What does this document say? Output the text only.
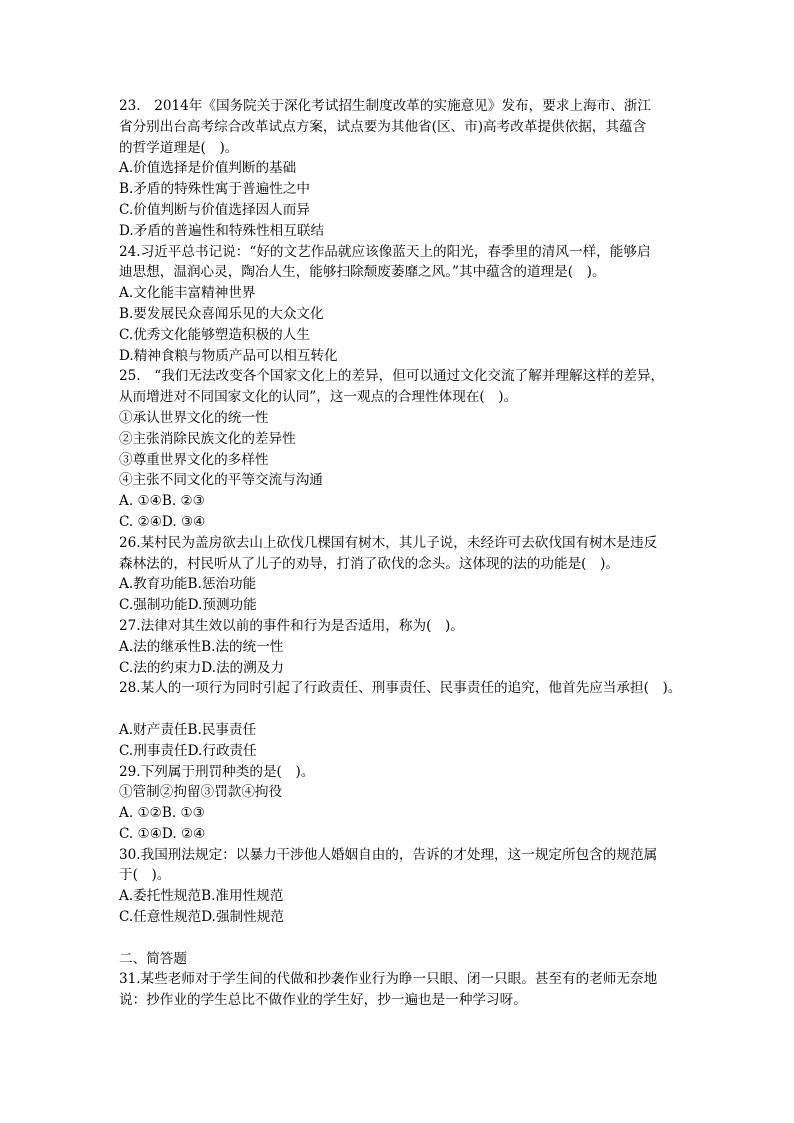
23.　2014年《国务院关于深化考试招生制度改革的实施意见》发布，要求上海市、浙江
省分别出台高考综合改革试点方案，试点要为其他省(区、市)高考改革提供依据，其蕴含
的哲学道理是(　)。
A.价值选择是价值判断的基础
B.矛盾的特殊性寓于普遍性之中
C.价值判断与价值选择因人而异
D.矛盾的普遍性和特殊性相互联结
24.习近平总书记说：“好的文艺作品就应该像蓝天上的阳光，春季里的清风一样，能够启
迪思想，温润心灵，陶冶人生，能够扫除颓废萎靡之风。”其中蕴含的道理是(　)。
A.文化能丰富精神世界
B.要发展民众喜闻乐见的大众文化
C.优秀文化能够塑造积极的人生
D.精神食粮与物质产品可以相互转化
25.　“我们无法改变各个国家文化上的差异，但可以通过文化交流了解并理解这样的差异，
从而增进对不同国家文化的认同”，这一观点的合理性体现在(　)。
①承认世界文化的统一性
②主张消除民族文化的差异性
③尊重世界文化的多样性
④主张不同文化的平等交流与沟通
A. ①④B. ②③
C. ②④D. ③④
26.某村民为盖房欲去山上砍伐几棵国有树木，其儿子说，未经许可去砍伐国有树木是违反
森林法的，村民听从了儿子的劝导，打消了砍伐的念头。这体现的法的功能是(　)。
A.教育功能B.惩治功能
C.强制功能D.预测功能
27.法律对其生效以前的事件和行为是否适用，称为(　)。
A.法的继承性B.法的统一性
C.法的约束力D.法的溯及力
28.某人的一项行为同时引起了行政责任、刑事责任、民事责任的追究，他首先应当承担(　)。
A.财产责任B.民事责任
C.刑事责任D.行政责任
29.下列属于刑罚种类的是(　)。
①管制②拘留③罚款④拘役
A. ①②B. ①③
C. ①④D. ②④
30.我国刑法规定：以暴力干涉他人婚姻自由的，告诉的才处理，这一规定所包含的规范属
于(　)。
A.委托性规范B.准用性规范
C.任意性规范D.强制性规范
二、简答题
31.某些老师对于学生间的代做和抄袭作业行为睁一只眼、闭一只眼。甚至有的老师无奈地
说：抄作业的学生总比不做作业的学生好，抄一遍也是一种学习呀。
